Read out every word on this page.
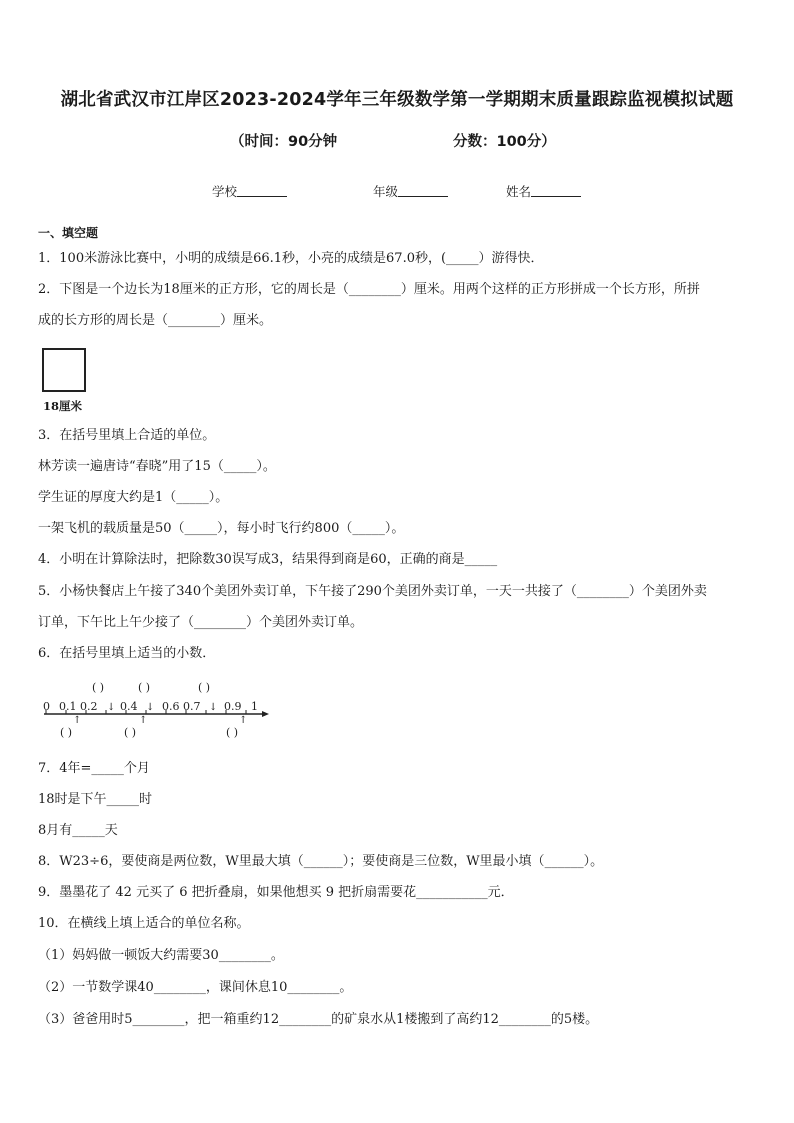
湖北省武汉市江岸区2023-2024学年三年级数学第一学期期末质量跟踪监视模拟试题
（时间：90分钟	分数：100分）
学校	年级	姓名
一、填空题
1．100米游泳比赛中，小明的成绩是66.1秒，小亮的成绩是67.0秒，(_____）游得快．
2．下图是一个边长为18厘米的正方形，它的周长是（________）厘米。用两个这样的正方形拼成一个长方形，所拼
成的长方形的周长是（________）厘米。
18厘米
3．在括号里填上合适的单位。
林芳读一遍唐诗“春晓”用了15（_____）。
学生证的厚度大约是1（_____）。
一架飞机的载质量是50（_____），每小时飞行约800（_____）。
4．小明在计算除法时，把除数30误写成3，结果得到商是60，正确的商是_____
5．小杨快餐店上午接了340个美团外卖订单，下午接了290个美团外卖订单，一天一共接了（________）个美团外卖
订单，下午比上午少接了（________）个美团外卖订单。
6．在括号里填上适当的小数．
( )	( )	( )
↓	↓	↓
0 0.1 0.2 0.4 0.6 0.7 0.9 1
↑	↑	↑
( )	( )	( )
7．4年=_____个月
18时是下午_____时
8月有_____天
8．W23÷6，要使商是两位数，W里最大填（______）；要使商是三位数，W里最小填（______）。
9．墨墨花了 42 元买了 6 把折叠扇，如果他想买 9 把折扇需要花___________元．
10．在横线上填上适合的单位名称。
（1）妈妈做一顿饭大约需要30________。
（2）一节数学课40________，课间休息10________。
（3）爸爸用时5________，把一箱重约12________的矿泉水从1楼搬到了高约12________的5楼。
